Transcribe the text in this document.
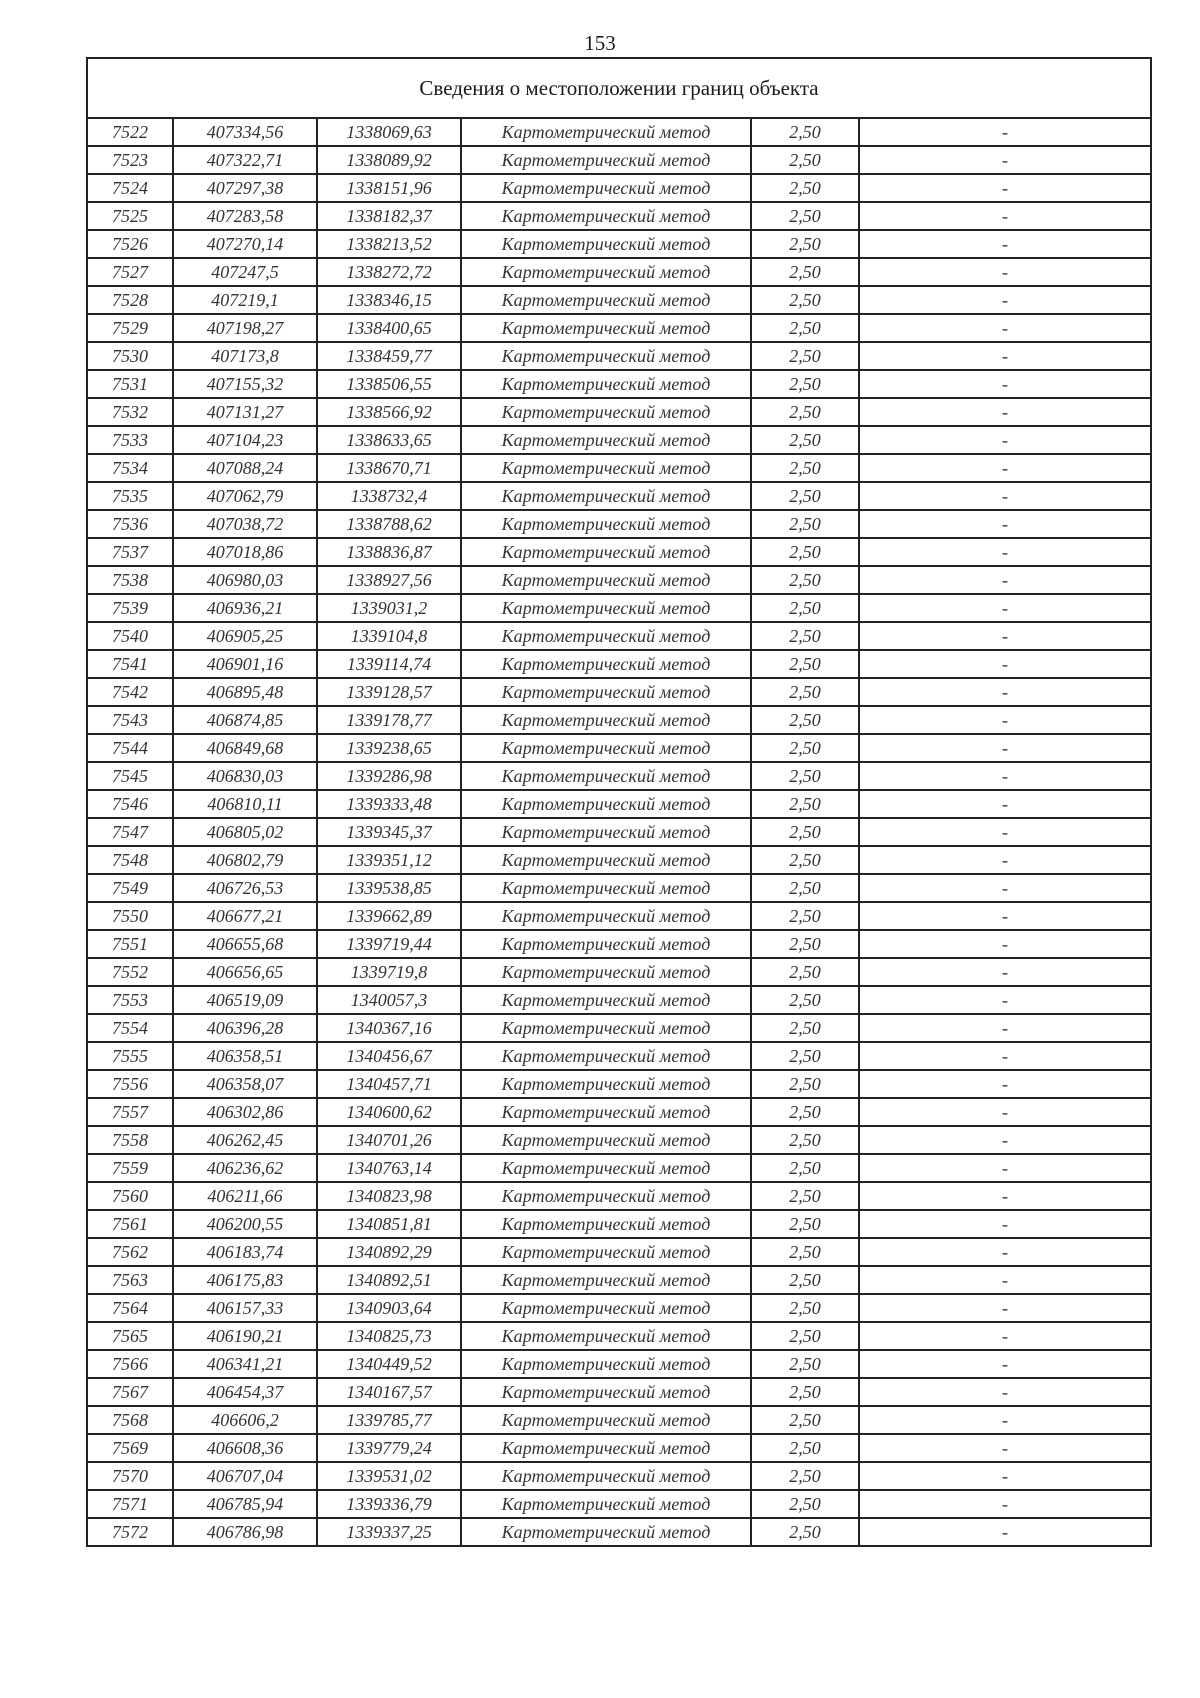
153
Сведения о местоположении границ объекта					
7522	407334,56	1338069,63	Картометрический метод	2,50	-
7523	407322,71	1338089,92	Картометрический метод	2,50	-
7524	407297,38	1338151,96	Картометрический метод	2,50	-
7525	407283,58	1338182,37	Картометрический метод	2,50	-
7526	407270,14	1338213,52	Картометрический метод	2,50	-
7527	407247,5	1338272,72	Картометрический метод	2,50	-
7528	407219,1	1338346,15	Картометрический метод	2,50	-
7529	407198,27	1338400,65	Картометрический метод	2,50	-
7530	407173,8	1338459,77	Картометрический метод	2,50	-
7531	407155,32	1338506,55	Картометрический метод	2,50	-
7532	407131,27	1338566,92	Картометрический метод	2,50	-
7533	407104,23	1338633,65	Картометрический метод	2,50	-
7534	407088,24	1338670,71	Картометрический метод	2,50	-
7535	407062,79	1338732,4	Картометрический метод	2,50	-
7536	407038,72	1338788,62	Картометрический метод	2,50	-
7537	407018,86	1338836,87	Картометрический метод	2,50	-
7538	406980,03	1338927,56	Картометрический метод	2,50	-
7539	406936,21	1339031,2	Картометрический метод	2,50	-
7540	406905,25	1339104,8	Картометрический метод	2,50	-
7541	406901,16	1339114,74	Картометрический метод	2,50	-
7542	406895,48	1339128,57	Картометрический метод	2,50	-
7543	406874,85	1339178,77	Картометрический метод	2,50	-
7544	406849,68	1339238,65	Картометрический метод	2,50	-
7545	406830,03	1339286,98	Картометрический метод	2,50	-
7546	406810,11	1339333,48	Картометрический метод	2,50	-
7547	406805,02	1339345,37	Картометрический метод	2,50	-
7548	406802,79	1339351,12	Картометрический метод	2,50	-
7549	406726,53	1339538,85	Картометрический метод	2,50	-
7550	406677,21	1339662,89	Картометрический метод	2,50	-
7551	406655,68	1339719,44	Картометрический метод	2,50	-
7552	406656,65	1339719,8	Картометрический метод	2,50	-
7553	406519,09	1340057,3	Картометрический метод	2,50	-
7554	406396,28	1340367,16	Картометрический метод	2,50	-
7555	406358,51	1340456,67	Картометрический метод	2,50	-
7556	406358,07	1340457,71	Картометрический метод	2,50	-
7557	406302,86	1340600,62	Картометрический метод	2,50	-
7558	406262,45	1340701,26	Картометрический метод	2,50	-
7559	406236,62	1340763,14	Картометрический метод	2,50	-
7560	406211,66	1340823,98	Картометрический метод	2,50	-
7561	406200,55	1340851,81	Картометрический метод	2,50	-
7562	406183,74	1340892,29	Картометрический метод	2,50	-
7563	406175,83	1340892,51	Картометрический метод	2,50	-
7564	406157,33	1340903,64	Картометрический метод	2,50	-
7565	406190,21	1340825,73	Картометрический метод	2,50	-
7566	406341,21	1340449,52	Картометрический метод	2,50	-
7567	406454,37	1340167,57	Картометрический метод	2,50	-
7568	406606,2	1339785,77	Картометрический метод	2,50	-
7569	406608,36	1339779,24	Картометрический метод	2,50	-
7570	406707,04	1339531,02	Картометрический метод	2,50	-
7571	406785,94	1339336,79	Картометрический метод	2,50	-
7572	406786,98	1339337,25	Картометрический метод	2,50	-
